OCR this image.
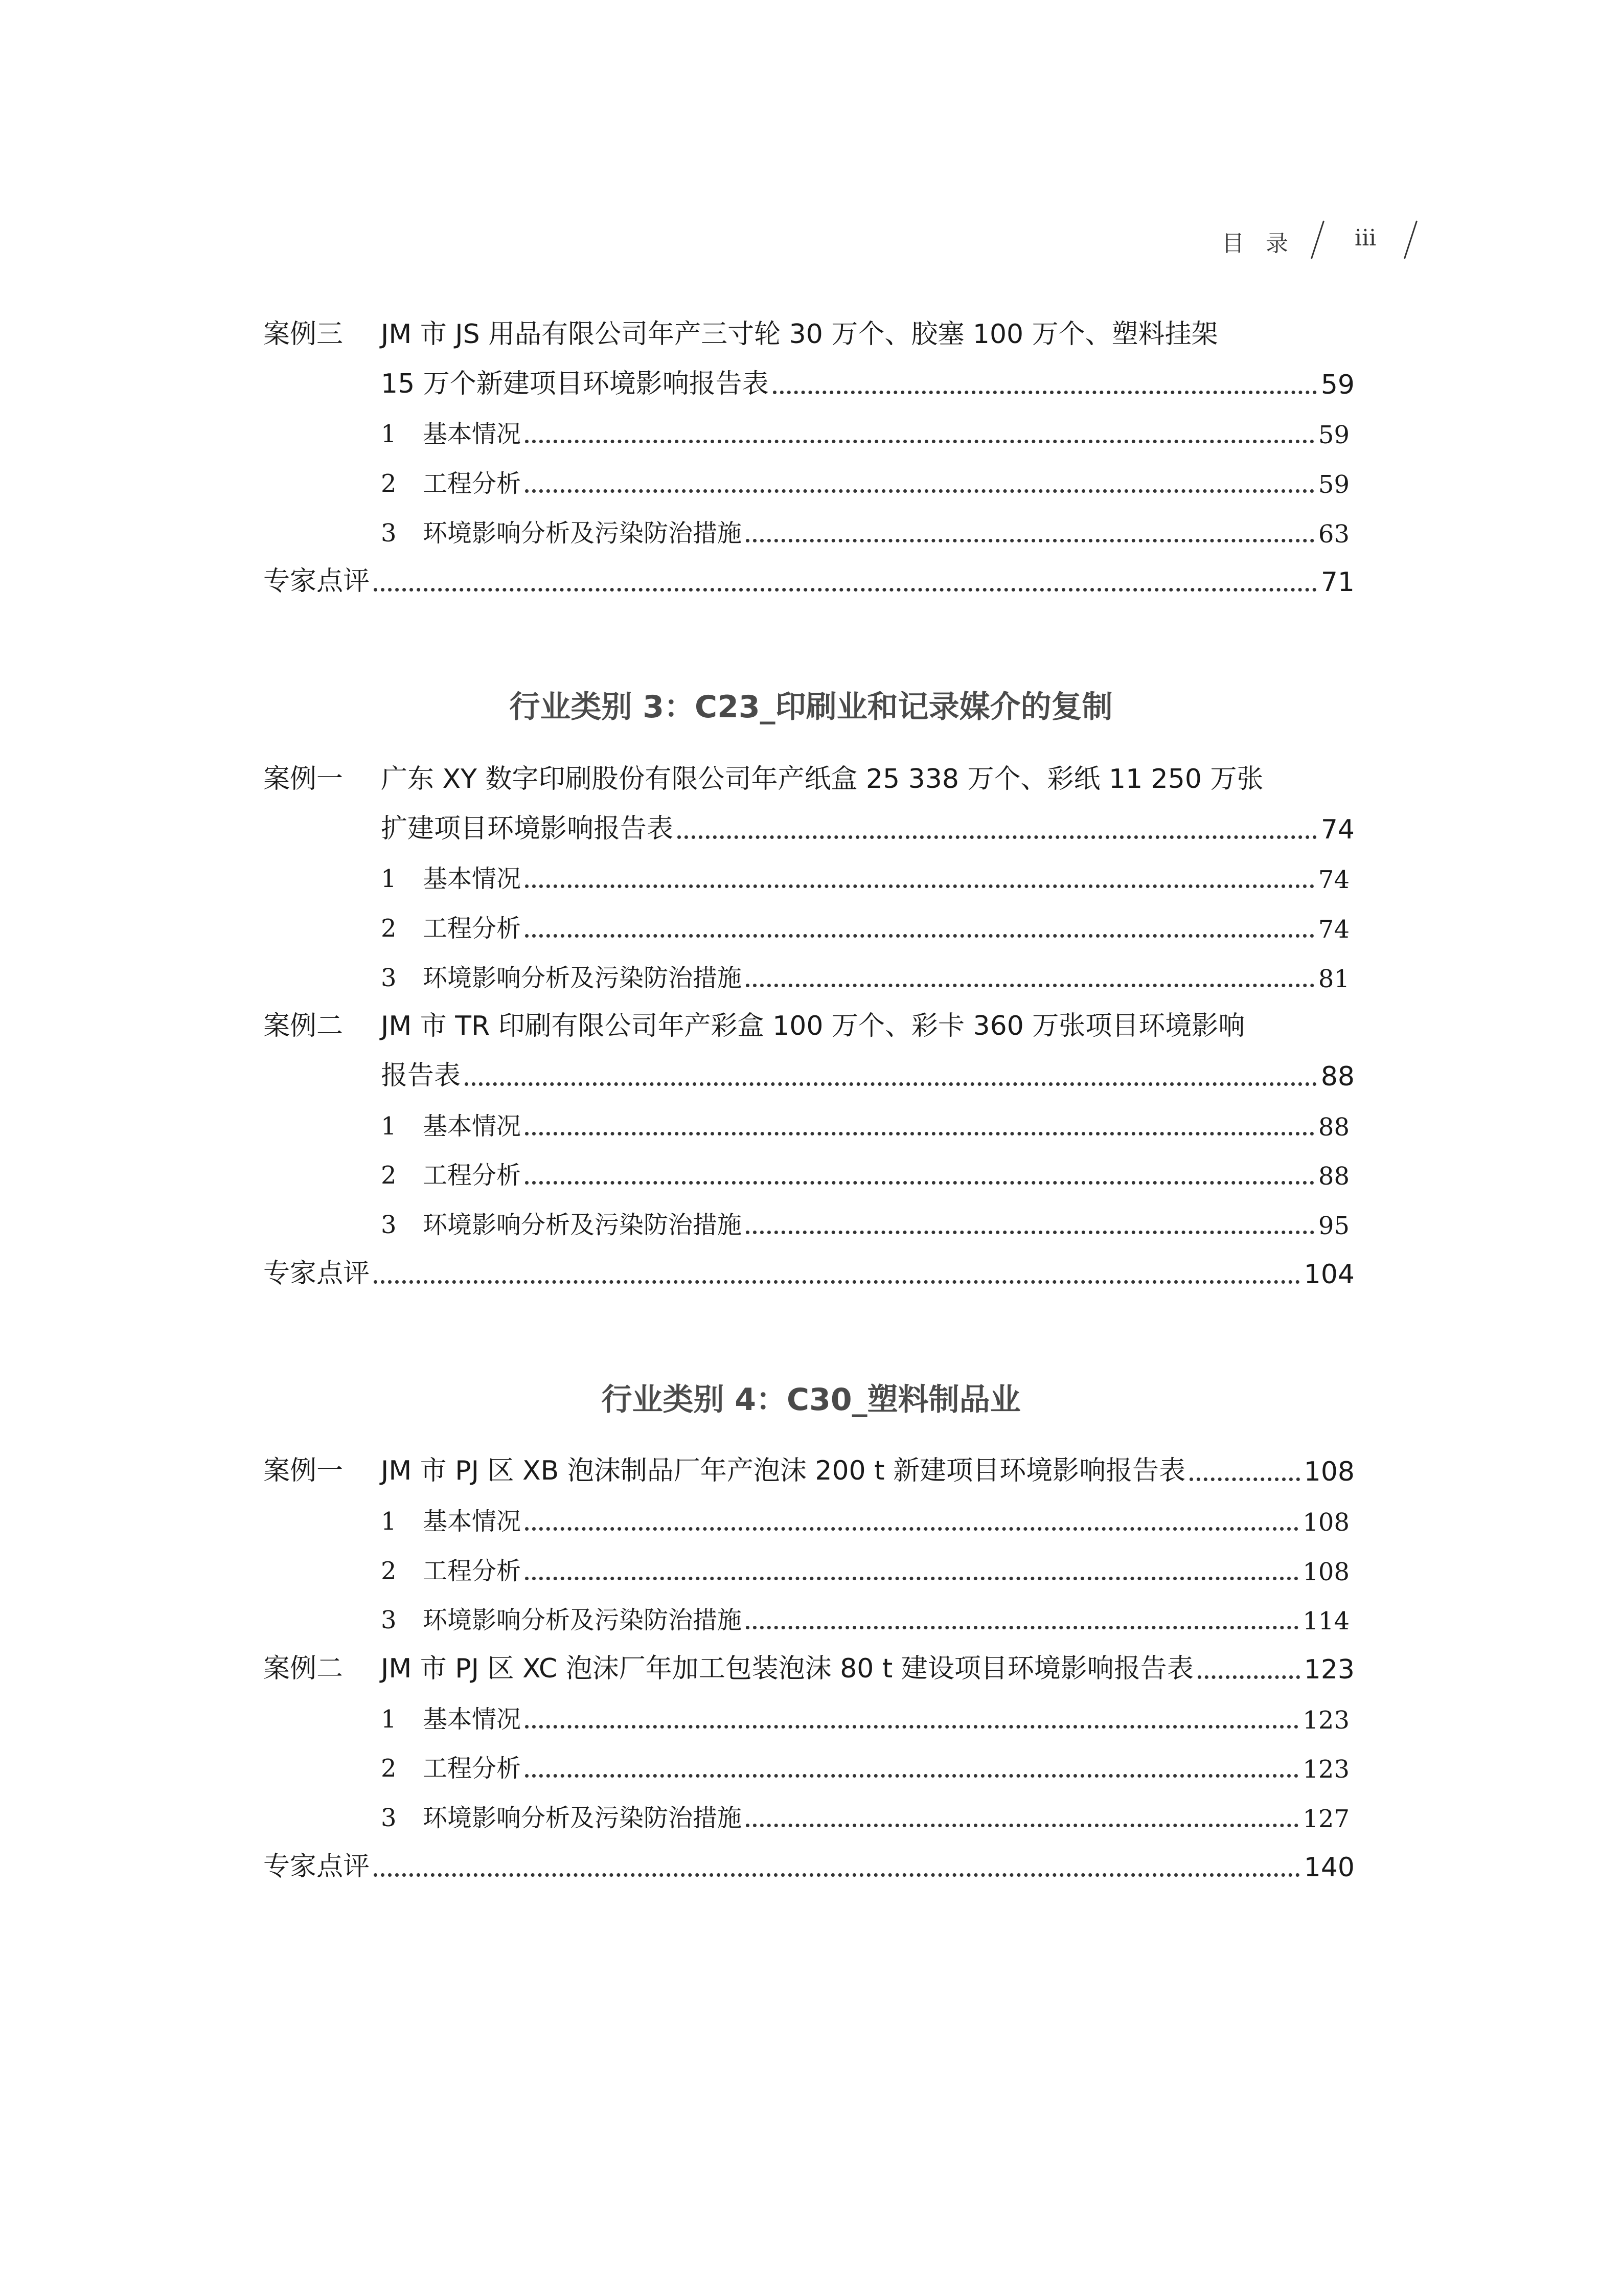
目 录	iii
案例三 JM 市 JS 用品有限公司年产三寸轮 30 万个、胶塞 100 万个、塑料挂架
15 万个新建项目环境影响报告表	59
1 基本情况	59
2 工程分析	59
3 环境影响分析及污染防治措施	63
专家点评	71
行业类别 3：C23_印刷业和记录媒介的复制
案例一 广东 XY 数字印刷股份有限公司年产纸盒 25 338 万个、彩纸 11 250 万张
扩建项目环境影响报告表	74
1 基本情况	74
2 工程分析	74
3 环境影响分析及污染防治措施	81
案例二 JM 市 TR 印刷有限公司年产彩盒 100 万个、彩卡 360 万张项目环境影响
报告表	88
1 基本情况	88
2 工程分析	88
3 环境影响分析及污染防治措施	95
专家点评	104
行业类别 4：C30_塑料制品业
案例一 JM 市 PJ 区 XB 泡沫制品厂年产泡沫 200 t 新建项目环境影响报告表	108
1 基本情况	108
2 工程分析	108
3 环境影响分析及污染防治措施	114
案例二 JM 市 PJ 区 XC 泡沫厂年加工包装泡沫 80 t 建设项目环境影响报告表	123
1 基本情况	123
2 工程分析	123
3 环境影响分析及污染防治措施	127
专家点评	140
